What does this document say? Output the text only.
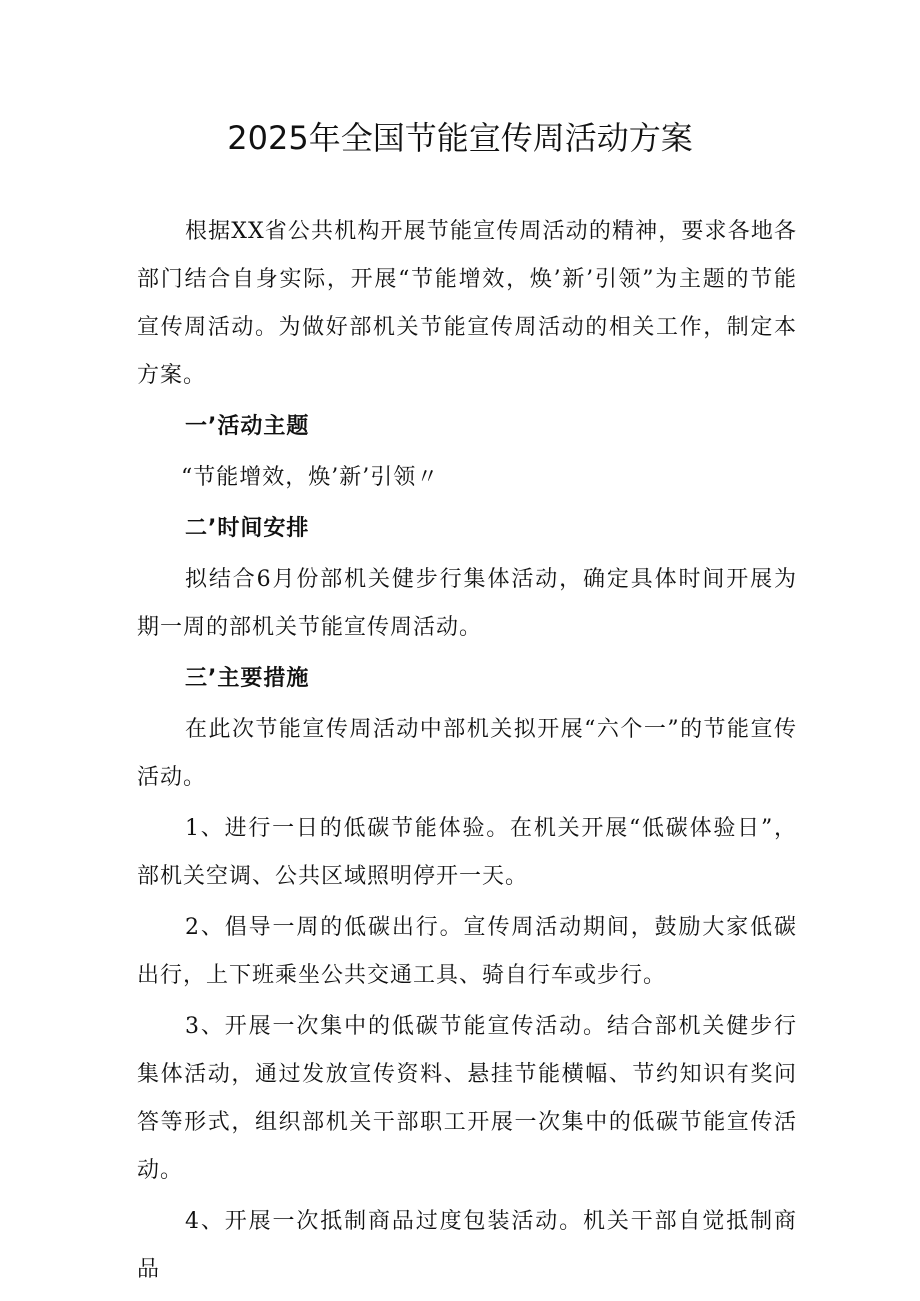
2025年全国节能宣传周活动方案

根据XX省公共机构开展节能宣传周活动的精神，要求各地各部门结合自身实际，开展“节能增效，焕’新’引领”为主题的节能宣传周活动。为做好部机关节能宣传周活动的相关工作，制定本方案。

一’活动主题

“节能增效，焕’新’引领〃

二’时间安排

拟结合6月份部机关健步行集体活动，确定具体时间开展为期一周的部机关节能宣传周活动。

三’主要措施

在此次节能宣传周活动中部机关拟开展“六个一”的节能宣传活动。

1、进行一日的低碳节能体验。在机关开展“低碳体验日”，部机关空调、公共区域照明停开一天。

2、倡导一周的低碳出行。宣传周活动期间，鼓励大家低碳出行，上下班乘坐公共交通工具、骑自行车或步行。

3、开展一次集中的低碳节能宣传活动。结合部机关健步行集体活动，通过发放宣传资料、悬挂节能横幅、节约知识有奖问答等形式，组织部机关干部职工开展一次集中的低碳节能宣传活动。

4、开展一次抵制商品过度包装活动。机关干部自觉抵制商品
